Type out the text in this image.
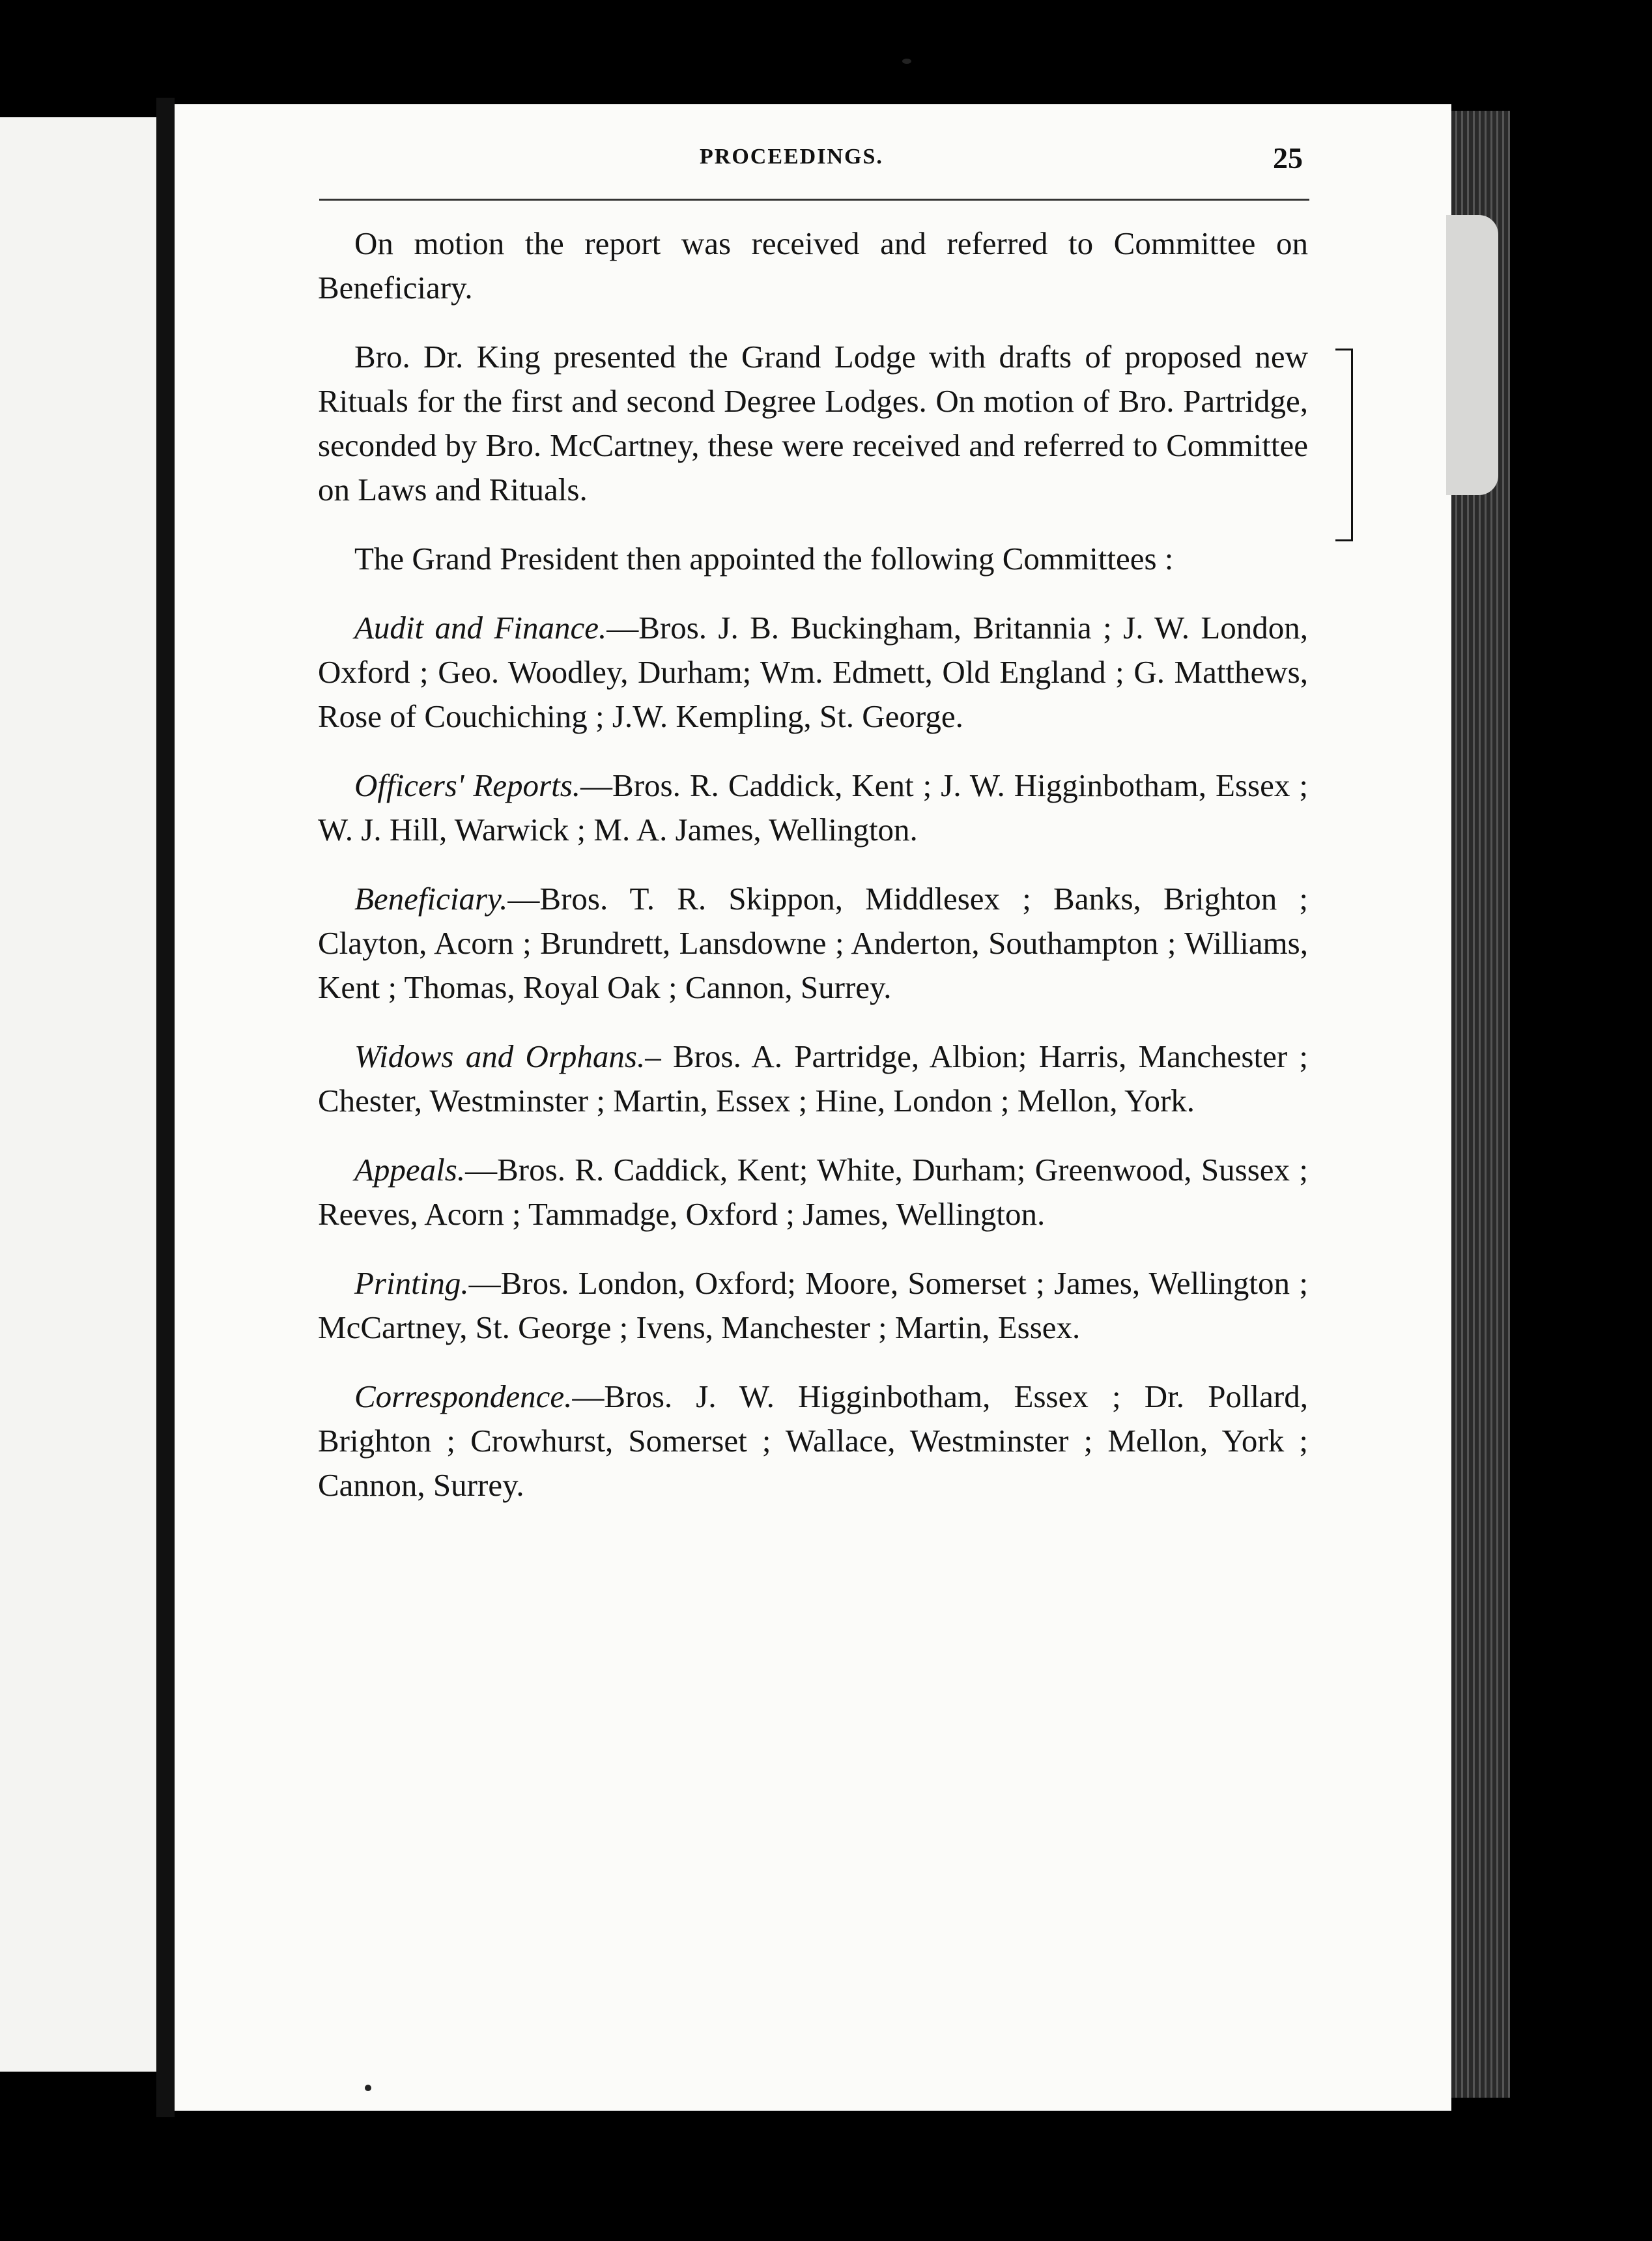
PROCEEDINGS.	25

On motion the report was received and referred to Committee on Beneficiary.

Bro. Dr. King presented the Grand Lodge with drafts of proposed new Rituals for the first and second Degree Lodges. On motion of Bro. Partridge, seconded by Bro. McCartney, these were received and referred to Committee on Laws and Rituals.

The Grand President then appointed the following Committees :

Audit and Finance.—Bros. J. B. Buckingham, Britannia ; J. W. London, Oxford ; Geo. Woodley, Durham; Wm. Edmett, Old England ; G. Matthews, Rose of Couchiching ; J.W. Kempling, St. George.

Officers' Reports.—Bros. R. Caddick, Kent ; J. W. Higginbotham, Essex ; W. J. Hill, Warwick ; M. A. James, Wellington.

Beneficiary.—Bros. T. R. Skippon, Middlesex ; Banks, Brighton ; Clayton, Acorn ; Brundrett, Lansdowne ; Anderton, Southampton ; Williams, Kent ; Thomas, Royal Oak ; Cannon, Surrey.

Widows and Orphans.– Bros. A. Partridge, Albion; Harris, Manchester ; Chester, Westminster ; Martin, Essex ; Hine, London ; Mellon, York.

Appeals.—Bros. R. Caddick, Kent; White, Durham; Greenwood, Sussex ; Reeves, Acorn ; Tammadge, Oxford ; James, Wellington.

Printing.—Bros. London, Oxford; Moore, Somerset ; James, Wellington ; McCartney, St. George ; Ivens, Manchester ; Martin, Essex.

Correspondence.—Bros. J. W. Higginbotham, Essex ; Dr. Pollard, Brighton ; Crowhurst, Somerset ; Wallace, Westminster ; Mellon, York ; Cannon, Surrey.
